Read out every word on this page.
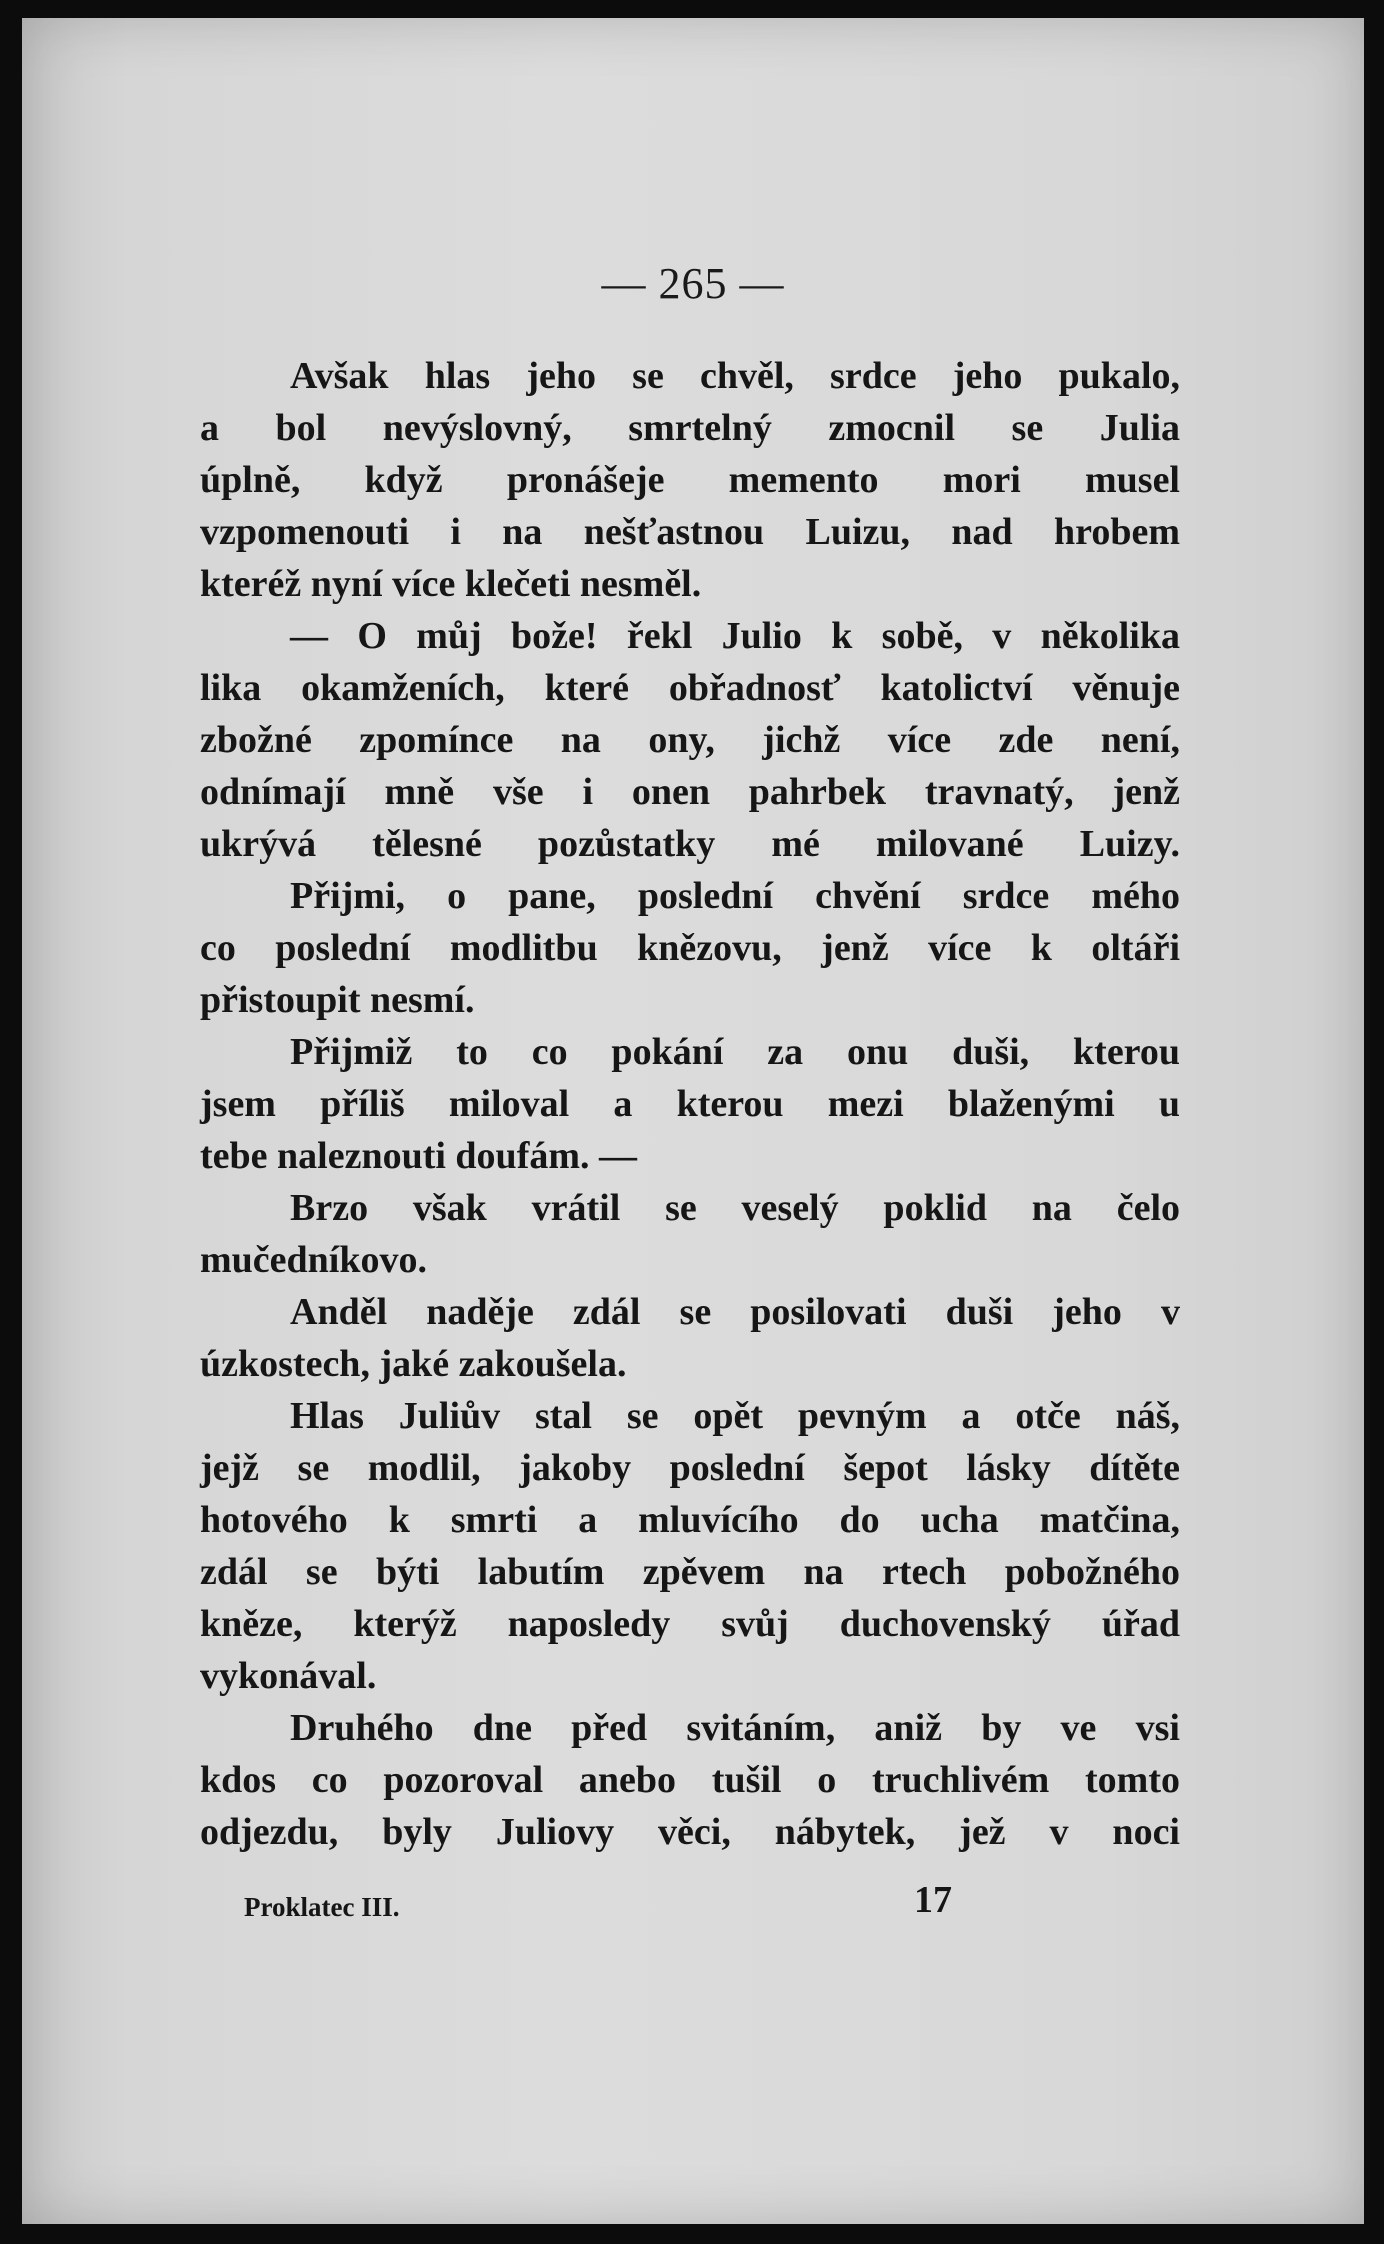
— 265 —
Avšak hlas jeho se chvěl, srdce jeho pukalo,
a bol nevýslovný, smrtelný zmocnil se Julia
úplně, když pronášeje memento mori musel
vzpomenouti i na nešťastnou Luizu, nad hrobem
kteréž nyní více klečeti nesměl.
— O můj bože! řekl Julio k sobě, v několika
lika okamženích, které obřadnosť katolictví věnuje
zbožné zpomínce na ony, jichž více zde není,
odnímají mně vše i onen pahrbek travnatý, jenž
ukrývá tělesné pozůstatky mé milované Luizy.
Přijmi, o pane, poslední chvění srdce mého
co poslední modlitbu knězovu, jenž více k oltáři
přistoupit nesmí.
Přijmiž to co pokání za onu duši, kterou
jsem příliš miloval a kterou mezi blaženými u
tebe naleznouti doufám. —
Brzo však vrátil se veselý poklid na čelo
mučedníkovo.
Anděl naděje zdál se posilovati duši jeho v
úzkostech, jaké zakoušela.
Hlas Juliův stal se opět pevným a otče náš,
jejž se modlil, jakoby poslední šepot lásky dítěte
hotového k smrti a mluvícího do ucha matčina,
zdál se býti labutím zpěvem na rtech pobožného
kněze, kterýž naposledy svůj duchovenský úřad
vykonával.
Druhého dne před svitáním, aniž by ve vsi
kdos co pozoroval anebo tušil o truchlivém tomto
odjezdu, byly Juliovy věci, nábytek, jež v noci
Proklatec III.	17
